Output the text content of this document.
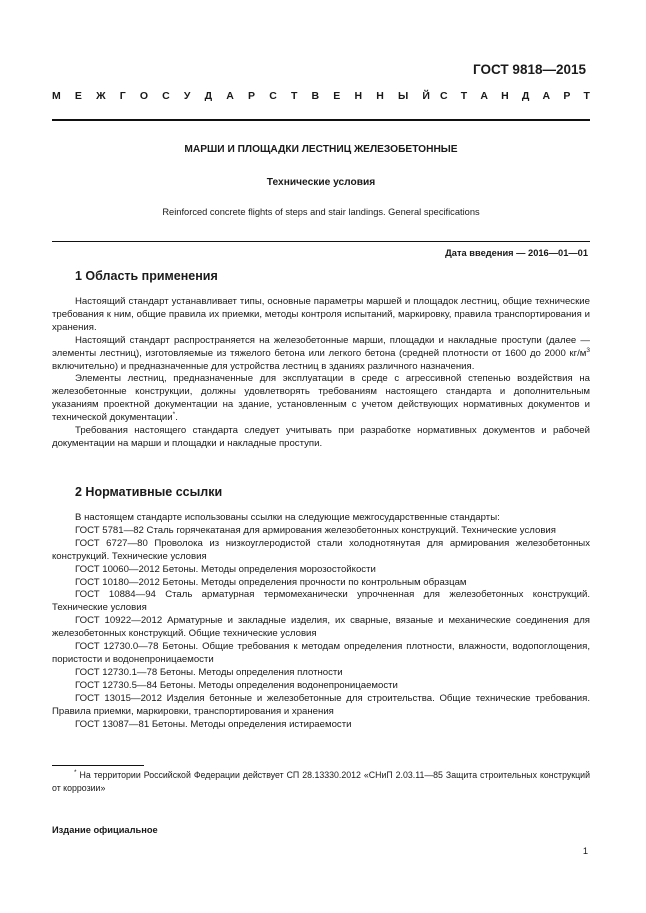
ГОСТ 9818—2015
М Е Ж Г О С У Д А Р С Т В Е Н Н Ы Й С Т А Н Д А Р Т
МАРШИ И ПЛОЩАДКИ ЛЕСТНИЦ ЖЕЛЕЗОБЕТОННЫЕ
Технические условия
Reinforced concrete flights of steps and stair landings. General specifications
Дата введения — 2016—01—01
1 Область применения
Настоящий стандарт устанавливает типы, основные параметры маршей и площадок лестниц, общие технические требования к ним, общие правила их приемки, методы контроля испытаний, маркировку, правила транспортирования и хранения.
Настоящий стандарт распространяется на железобетонные марши, площадки и накладные проступи (далее — элементы лестниц), изготовляемые из тяжелого бетона или легкого бетона (средней плотности от 1600 до 2000 $кг/м^3$ включительно) и предназначенные для устройства лестниц в зданиях различного назначения.
Элементы лестниц, предназначенные для эксплуатации в среде с агрессивной степенью воздействия на железобетонные конструкции, должны удовлетворять требованиям настоящего стандарта и дополнительным указаниям проектной документации на здание, установленным с учетом действующих нормативных документов и технической документации*.
Требования настоящего стандарта следует учитывать при разработке нормативных документов и рабочей документации на марши и площадки и накладные проступи.
2 Нормативные ссылки
В настоящем стандарте использованы ссылки на следующие межгосударственные стандарты:
ГОСТ 5781—82 Сталь горячекатаная для армирования железобетонных конструкций. Технические условия
ГОСТ 6727—80 Проволока из низкоуглеродистой стали холоднотянутая для армирования железобетонных конструкций. Технические условия
ГОСТ 10060—2012 Бетоны. Методы определения морозостойкости
ГОСТ 10180—2012 Бетоны. Методы определения прочности по контрольным образцам
ГОСТ 10884—94 Сталь арматурная термомеханически упрочненная для железобетонных конструкций. Технические условия
ГОСТ 10922—2012 Арматурные и закладные изделия, их сварные, вязаные и механические соединения для железобетонных конструкций. Общие технические условия
ГОСТ 12730.0—78 Бетоны. Общие требования к методам определения плотности, влажности, водопоглощения, пористости и водонепроницаемости
ГОСТ 12730.1—78 Бетоны. Методы определения плотности
ГОСТ 12730.5—84 Бетоны. Методы определения водонепроницаемости
ГОСТ 13015—2012 Изделия бетонные и железобетонные для строительства. Общие технические требования. Правила приемки, маркировки, транспортирования и хранения
ГОСТ 13087—81 Бетоны. Методы определения истираемости
* На территории Российской Федерации действует СП 28.13330.2012 «СНиП 2.03.11—85 Защита строительных конструкций от коррозии»
Издание официальное
1
